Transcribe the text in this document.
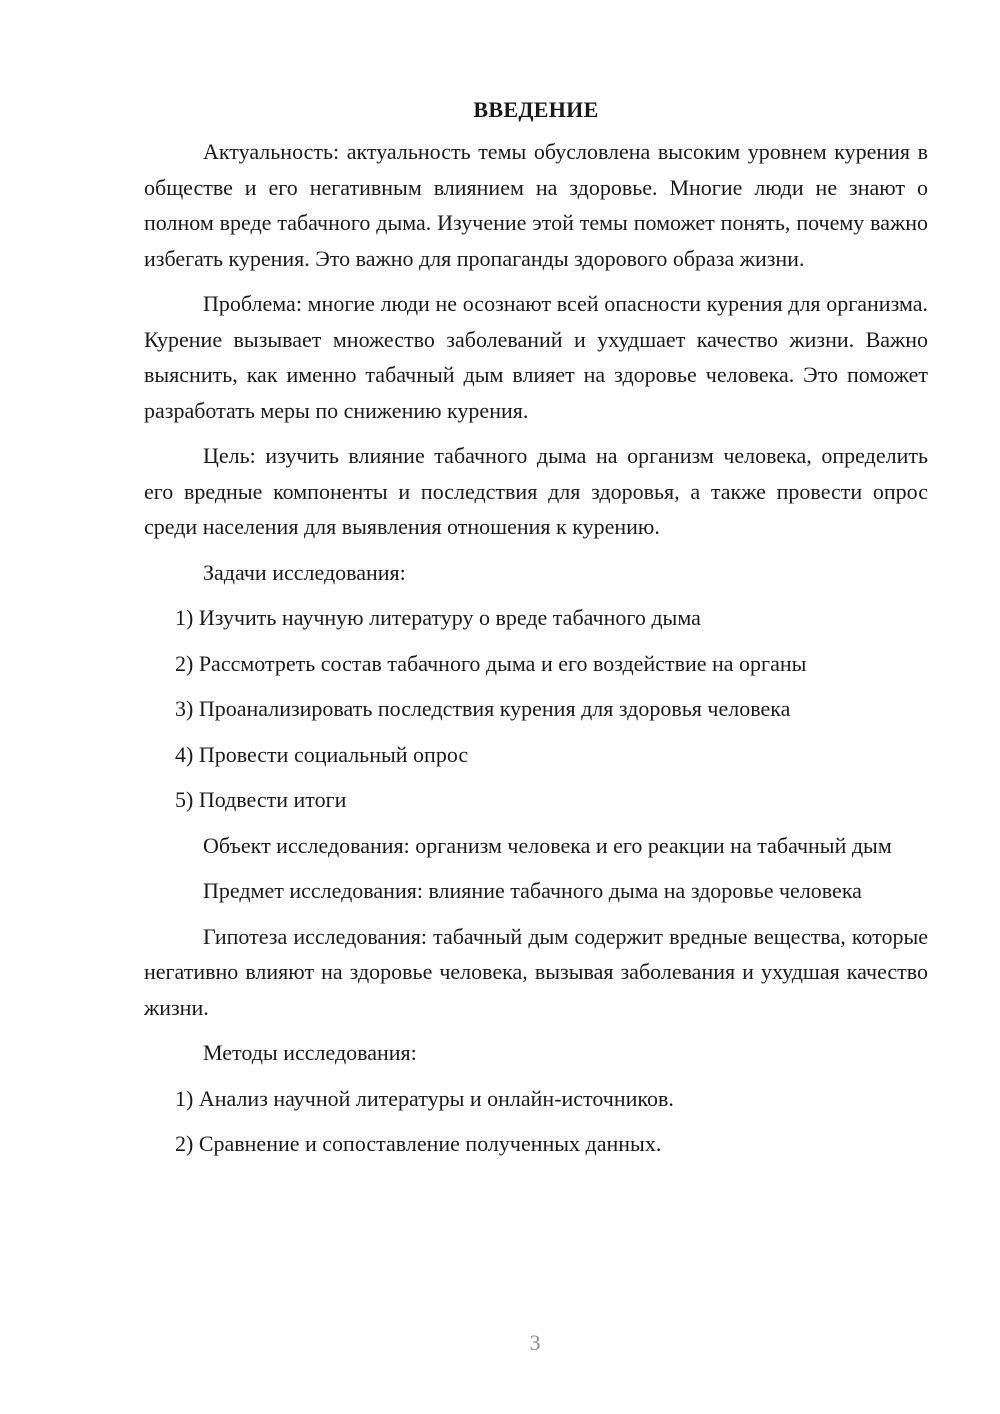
ВВЕДЕНИЕ

Актуальность: актуальность темы обусловлена высоким уровнем курения в обществе и его негативным влиянием на здоровье. Многие люди не знают о полном вреде табачного дыма. Изучение этой темы поможет понять, почему важно избегать курения. Это важно для пропаганды здорового образа жизни.

Проблема: многие люди не осознают всей опасности курения для организма. Курение вызывает множество заболеваний и ухудшает качество жизни. Важно выяснить, как именно табачный дым влияет на здоровье человека. Это поможет разработать меры по снижению курения.

Цель: изучить влияние табачного дыма на организм человека, определить его вредные компоненты и последствия для здоровья, а также провести опрос среди населения для выявления отношения к курению.

Задачи исследования:

1) Изучить научную литературу о вреде табачного дыма

2) Рассмотреть состав табачного дыма и его воздействие на органы

3) Проанализировать последствия курения для здоровья человека

4) Провести социальный опрос

5) Подвести итоги

Объект исследования: организм человека и его реакции на табачный дым

Предмет исследования: влияние табачного дыма на здоровье человека

Гипотеза исследования: табачный дым содержит вредные вещества, которые негативно влияют на здоровье человека, вызывая заболевания и ухудшая качество жизни.

Методы исследования:

1) Анализ научной литературы и онлайн-источников.

2) Сравнение и сопоставление полученных данных.

3
